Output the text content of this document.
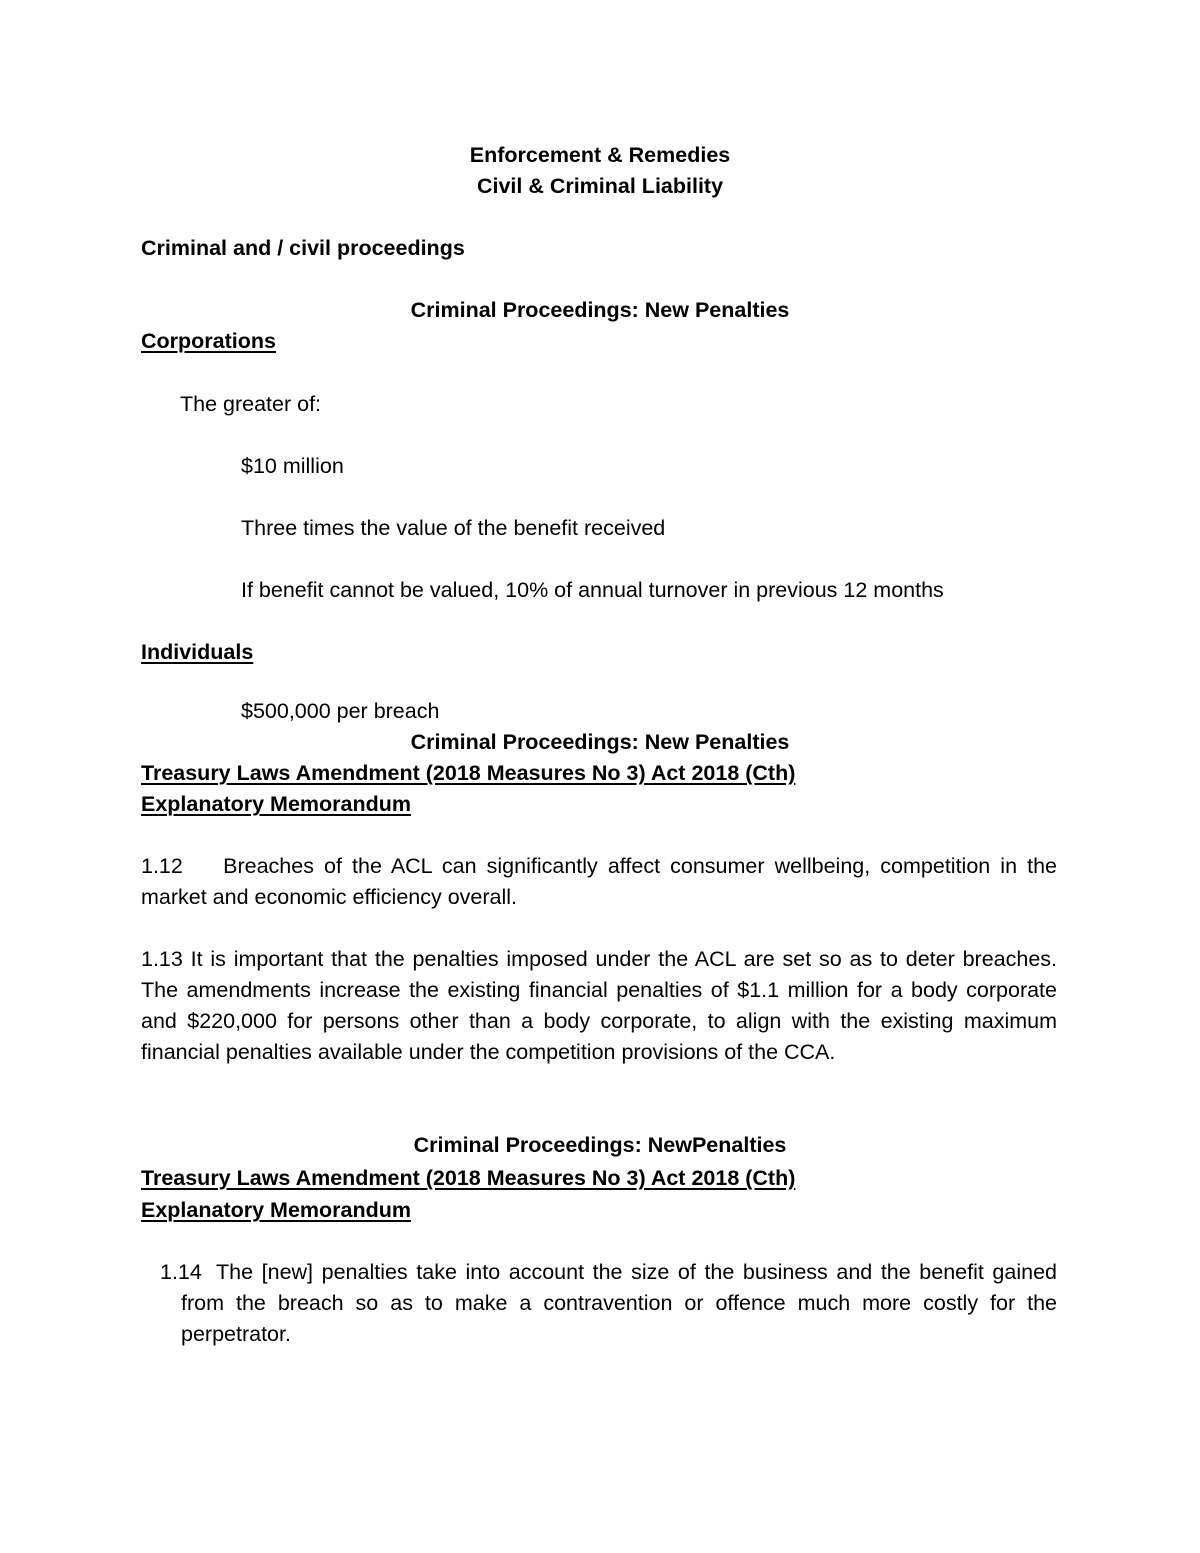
Enforcement & Remedies
Civil & Criminal Liability
Criminal and / civil proceedings
Criminal Proceedings: New Penalties
Corporations
The greater of:
$10 million
Three times the value of the benefit received
If benefit cannot be valued, 10% of annual turnover in previous 12 months
Individuals
$500,000 per breach
Criminal Proceedings: New Penalties
Treasury Laws Amendment (2018 Measures No 3) Act 2018 (Cth)
Explanatory Memorandum
1.12    Breaches of the ACL can significantly affect consumer wellbeing, competition in the market and economic efficiency overall.
1.13 It is important that the penalties imposed under the ACL are set so as to deter breaches. The amendments increase the existing financial penalties of $1.1 million for a body corporate and $220,000 for persons other than a body corporate, to align with the existing maximum financial penalties available under the competition provisions of the CCA.
Criminal Proceedings: NewPenalties
Treasury Laws Amendment (2018 Measures No 3) Act 2018 (Cth)
Explanatory Memorandum
1.14 The [new] penalties take into account the size of the business and the benefit gained from the breach so as to make a contravention or offence much more costly for the perpetrator.
